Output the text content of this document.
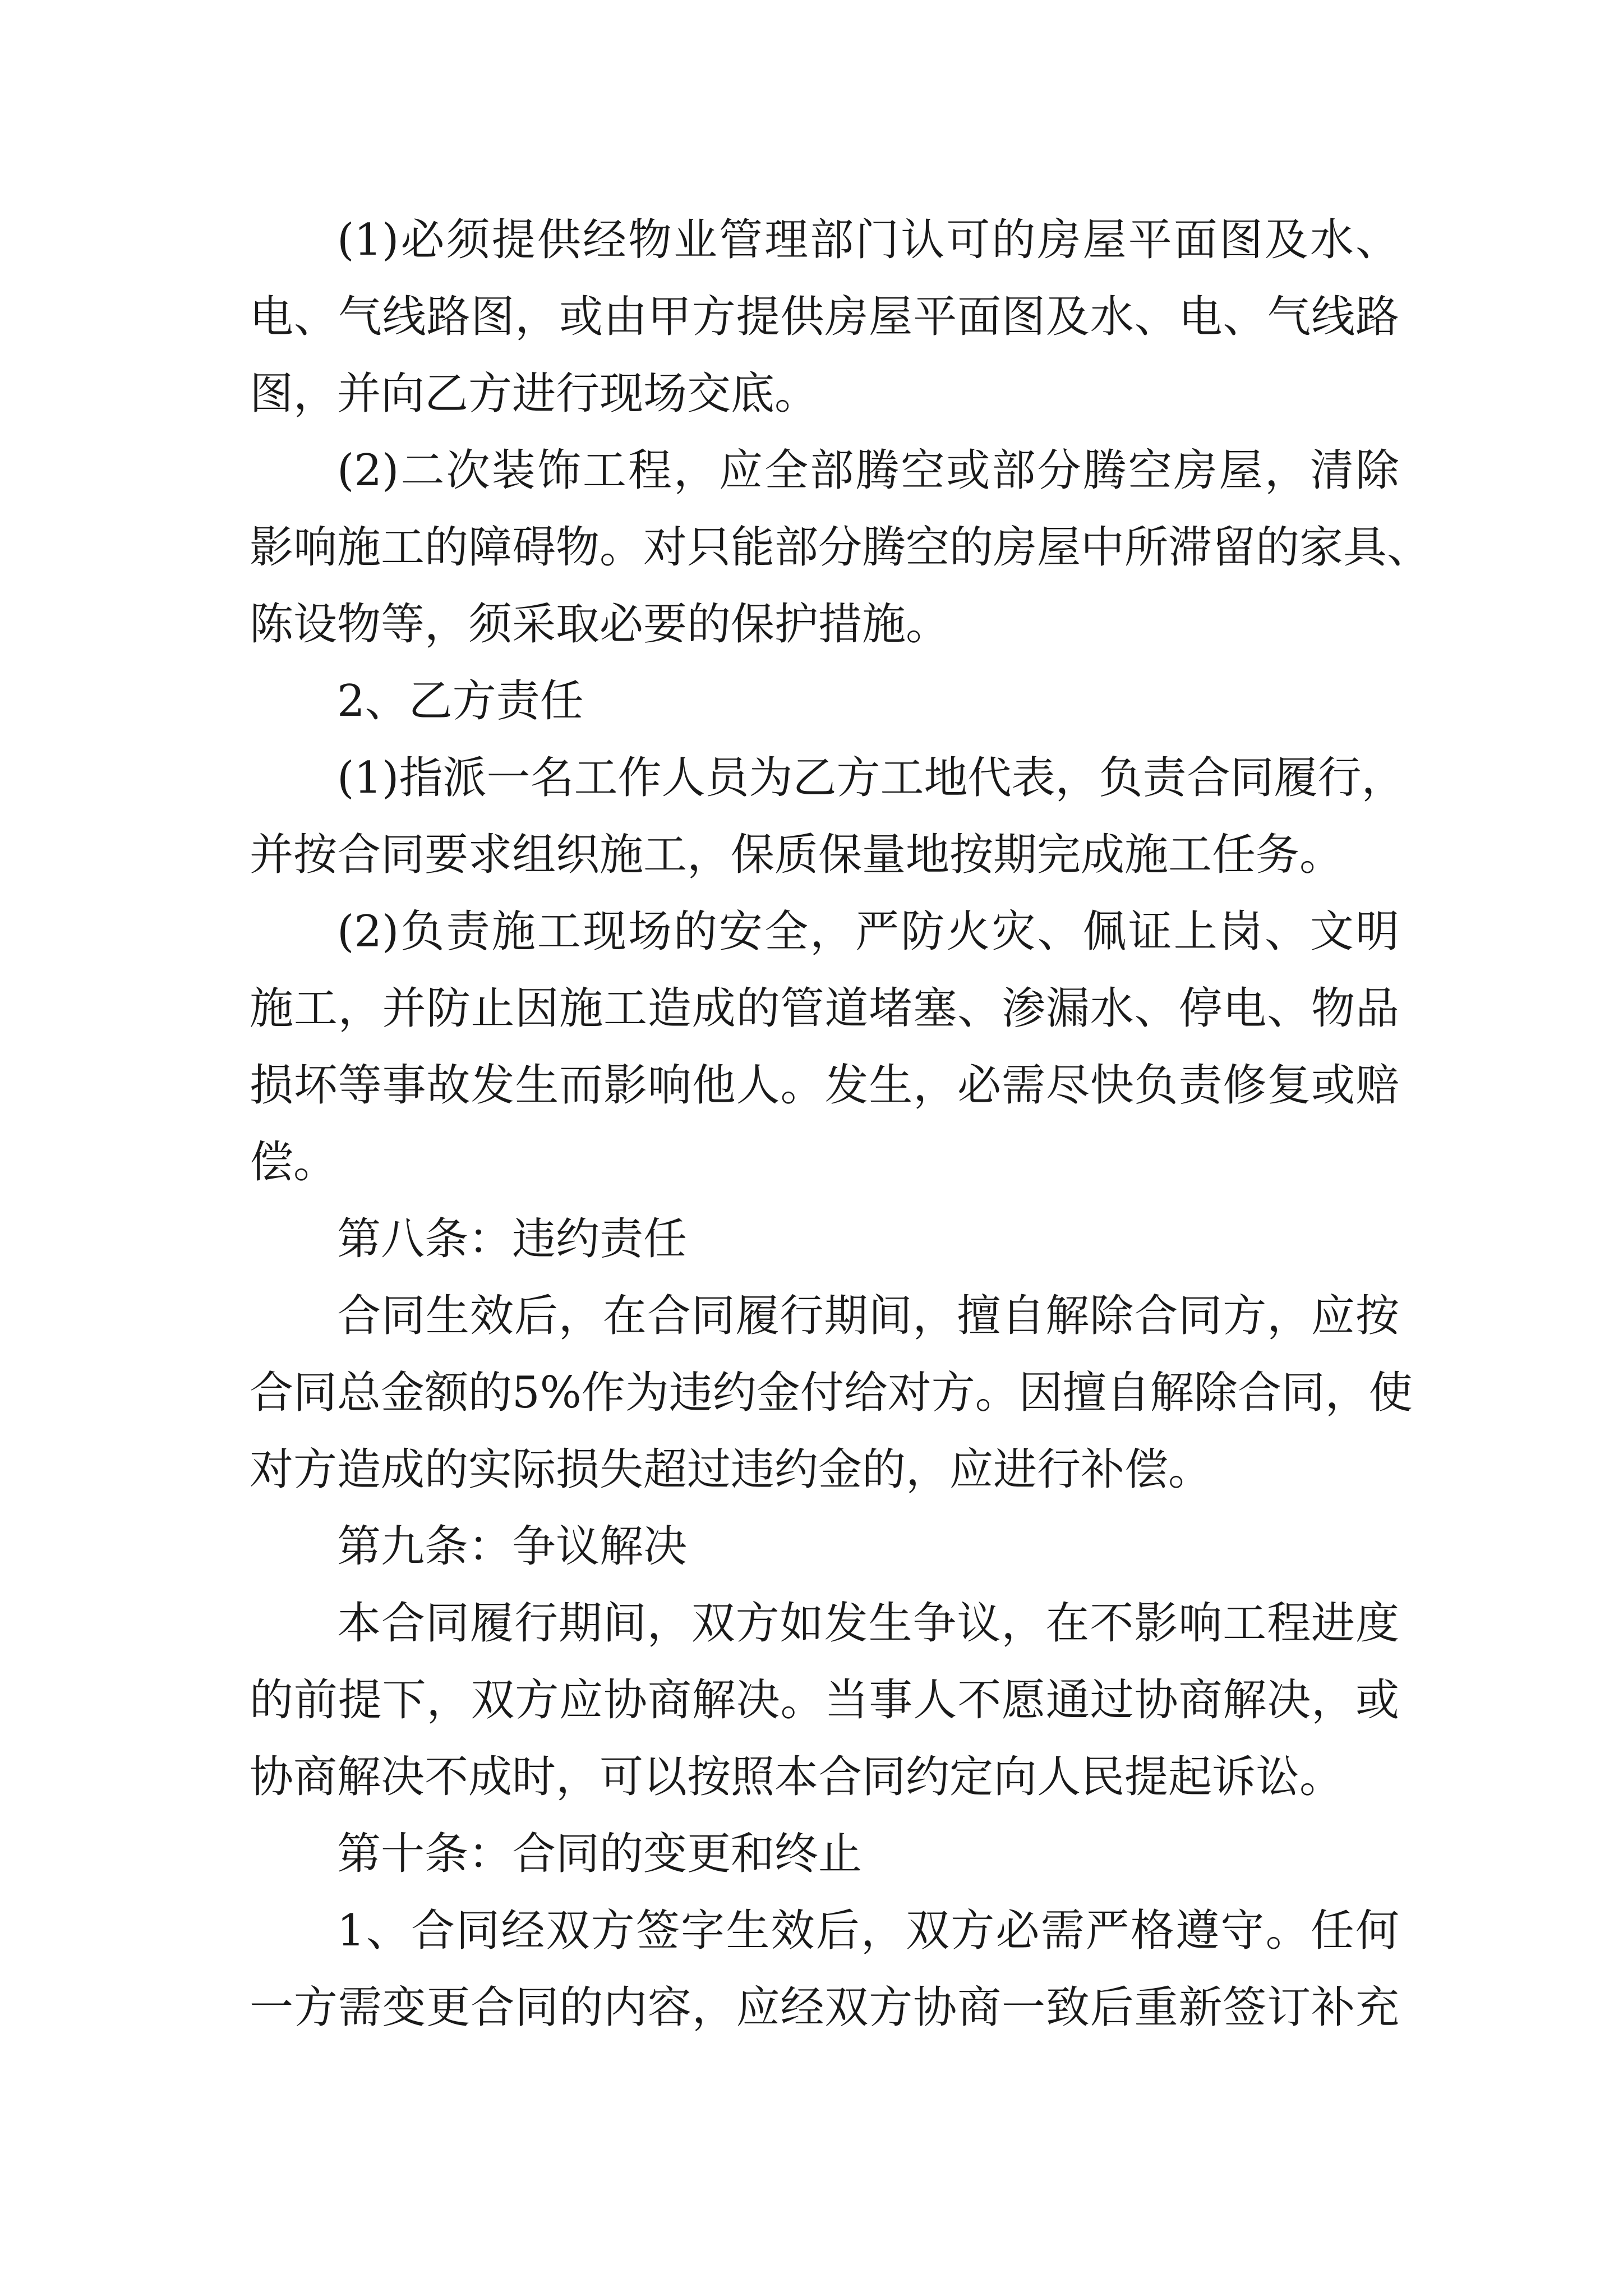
(1)必须提供经物业管理部门认可的房屋平面图及水、
电、气线路图，或由甲方提供房屋平面图及水、电、气线路
图，并向乙方进行现场交底。
(2)二次装饰工程，应全部腾空或部分腾空房屋，清除
影响施工的障碍物。对只能部分腾空的房屋中所滞留的家具、
陈设物等，须采取必要的保护措施。
2、乙方责任
(1)指派一名工作人员为乙方工地代表，负责合同履行，
并按合同要求组织施工，保质保量地按期完成施工任务。
(2)负责施工现场的安全，严防火灾、佩证上岗、文明
施工，并防止因施工造成的管道堵塞、渗漏水、停电、物品
损坏等事故发生而影响他人。发生，必需尽快负责修复或赔
偿。
第八条：违约责任
合同生效后，在合同履行期间，擅自解除合同方，应按
合同总金额的5%作为违约金付给对方。因擅自解除合同，使
对方造成的实际损失超过违约金的，应进行补偿。
第九条：争议解决
本合同履行期间，双方如发生争议，在不影响工程进度
的前提下，双方应协商解决。当事人不愿通过协商解决，或
协商解决不成时，可以按照本合同约定向人民提起诉讼。
第十条：合同的变更和终止
1、合同经双方签字生效后，双方必需严格遵守。任何
一方需变更合同的内容，应经双方协商一致后重新签订补充
